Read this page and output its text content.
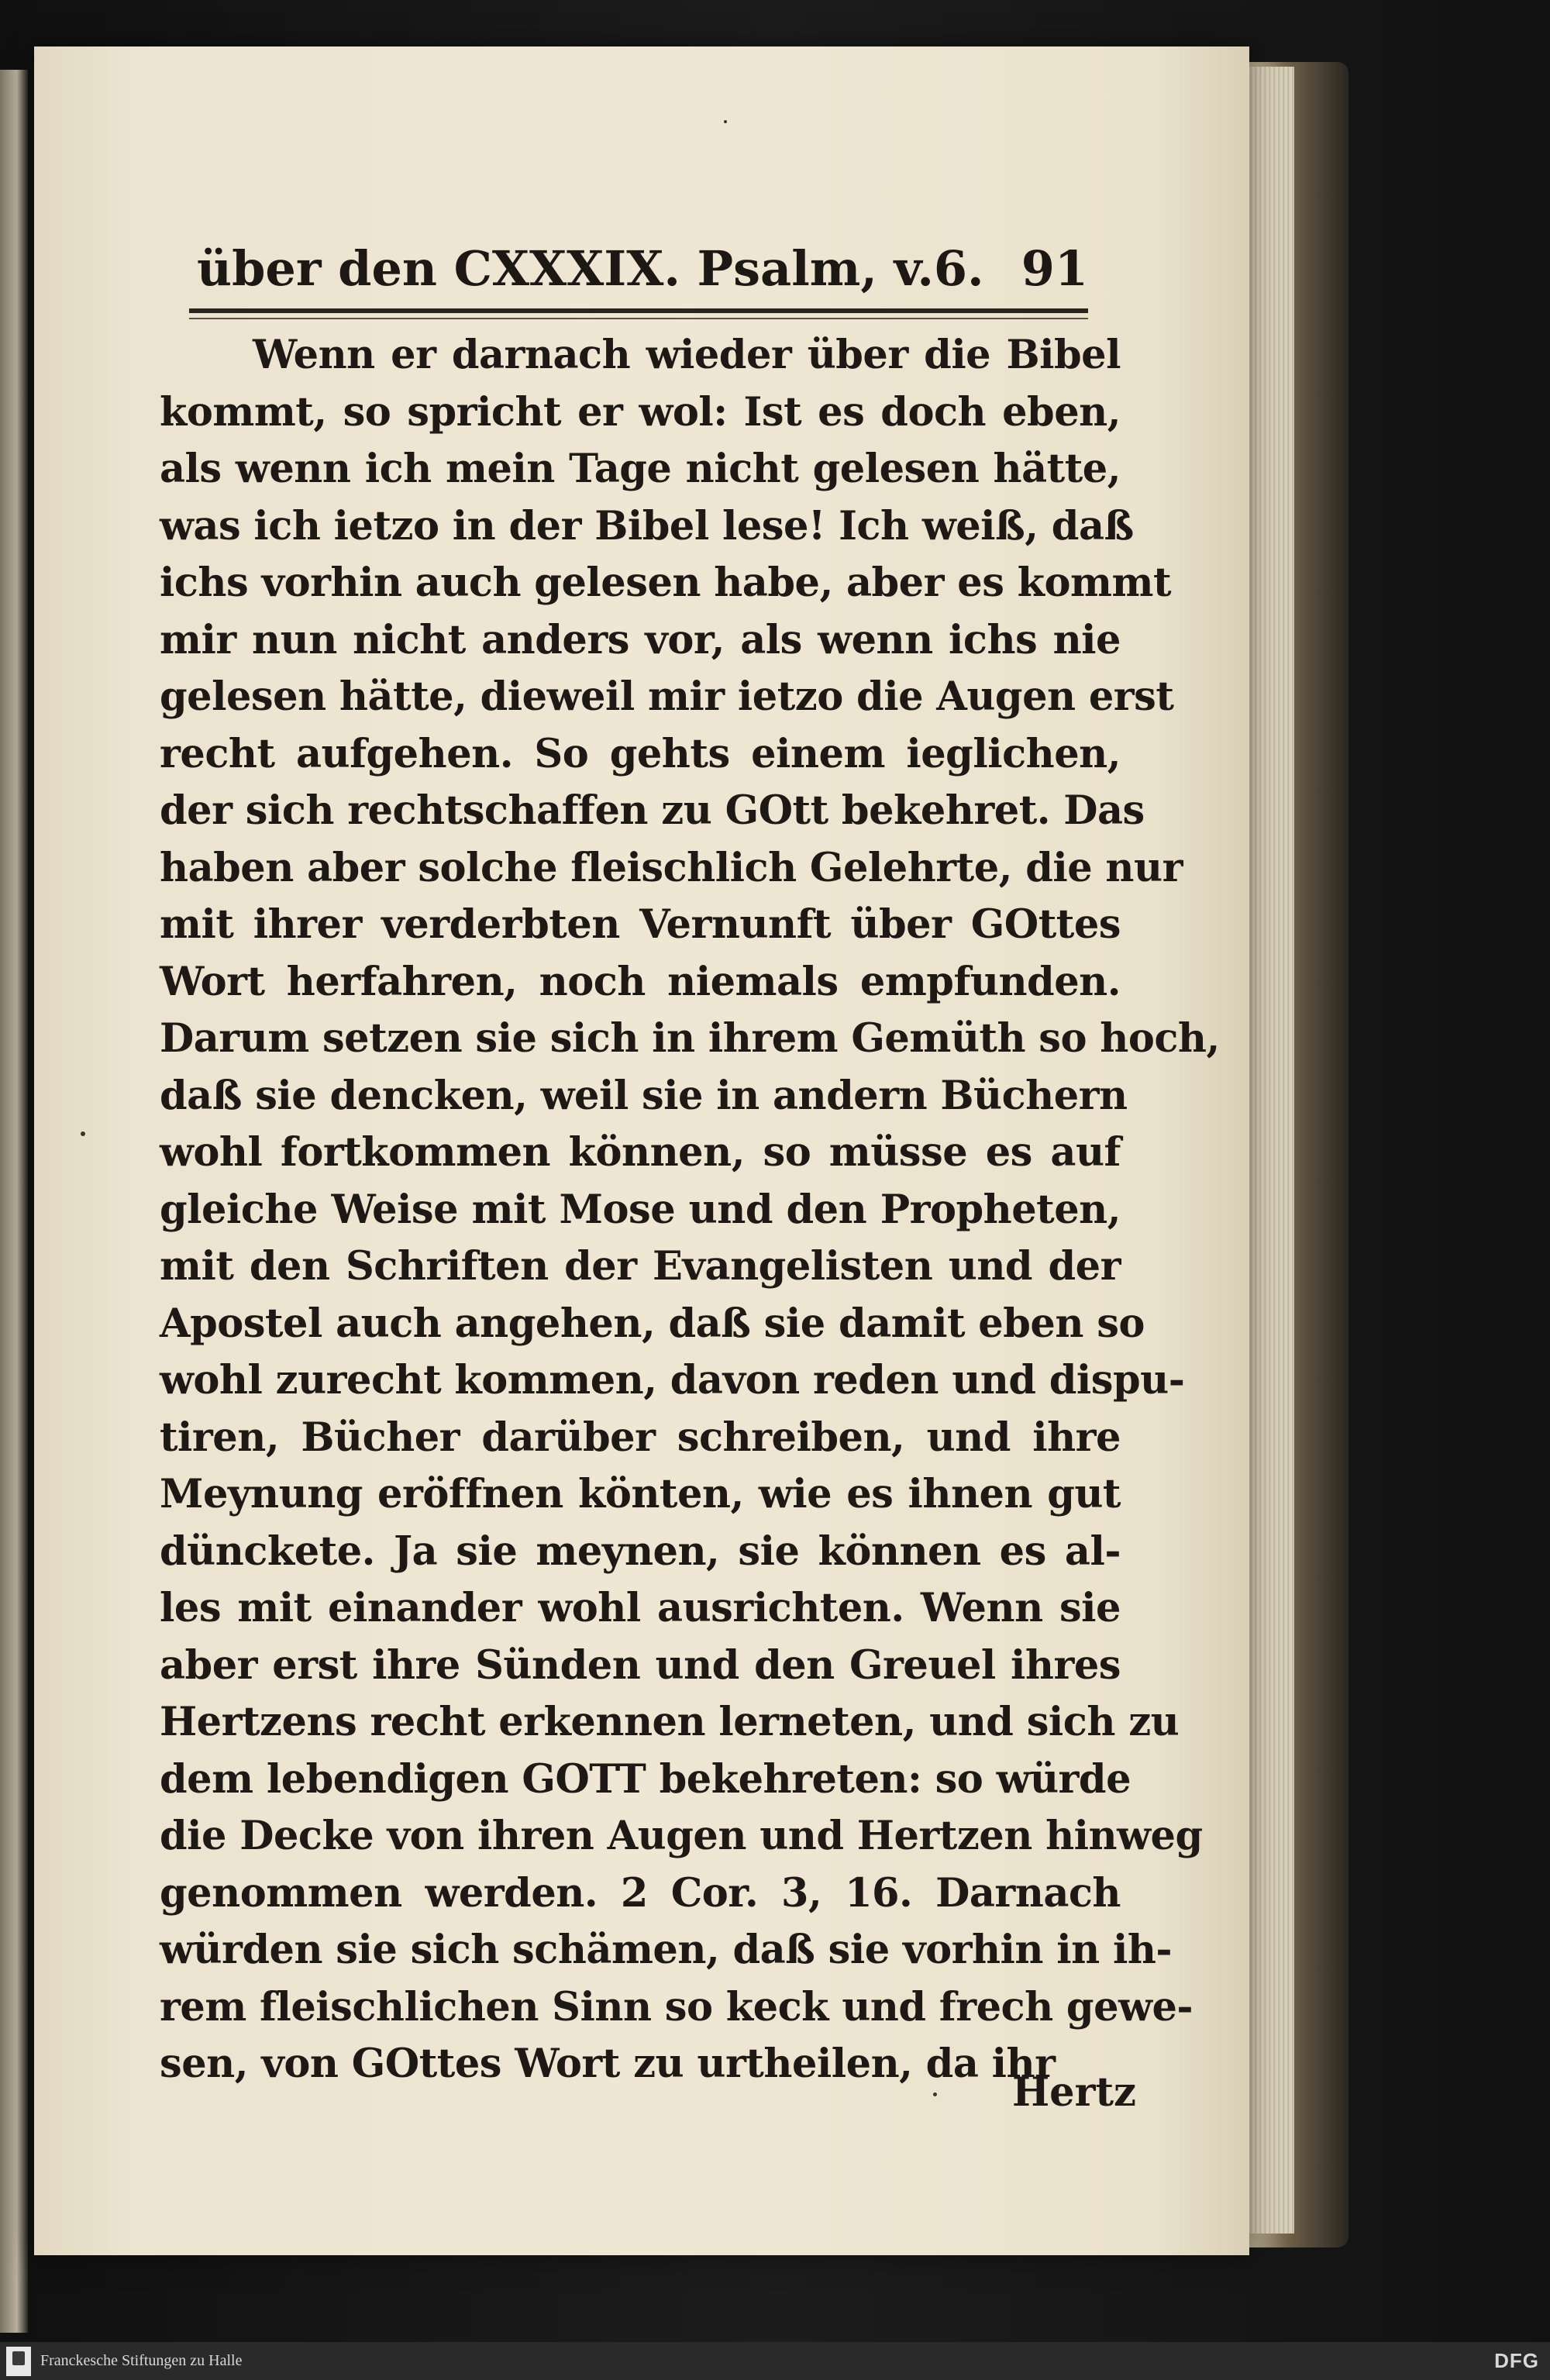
über den CXXXIX. Psalm, v.6. 91
Wenn er darnach wieder über die Bibel
kommt, so spricht er wol: Ist es doch eben,
als wenn ich mein Tage nicht gelesen hätte,
was ich ietzo in der Bibel lese! Ich weiß, daß
ichs vorhin auch gelesen habe, aber es kommt
mir nun nicht anders vor, als wenn ichs nie
gelesen hätte, dieweil mir ietzo die Augen erst
recht aufgehen. So gehts einem ieglichen,
der sich rechtschaffen zu GOtt bekehret. Das
haben aber solche fleischlich Gelehrte, die nur
mit ihrer verderbten Vernunft über GOttes
Wort herfahren, noch niemals empfunden.
Darum setzen sie sich in ihrem Gemüth so hoch,
daß sie dencken, weil sie in andern Büchern
wohl fortkommen können, so müsse es auf
gleiche Weise mit Mose und den Propheten,
mit den Schriften der Evangelisten und der
Apostel auch angehen, daß sie damit eben so
wohl zurecht kommen, davon reden und dispu-
tiren, Bücher darüber schreiben, und ihre
Meynung eröffnen könten, wie es ihnen gut
dünckete. Ja sie meynen, sie können es al-
les mit einander wohl ausrichten. Wenn sie
aber erst ihre Sünden und den Greuel ihres
Hertzens recht erkennen lerneten, und sich zu
dem lebendigen GOTT bekehreten: so würde
die Decke von ihren Augen und Hertzen hinweg
genommen werden. 2 Cor. 3, 16. Darnach
würden sie sich schämen, daß sie vorhin in ih-
rem fleischlichen Sinn so keck und frech gewe-
sen, von GOttes Wort zu urtheilen, da ihr
Hertz
Franckesche Stiftungen zu Halle	DFG
